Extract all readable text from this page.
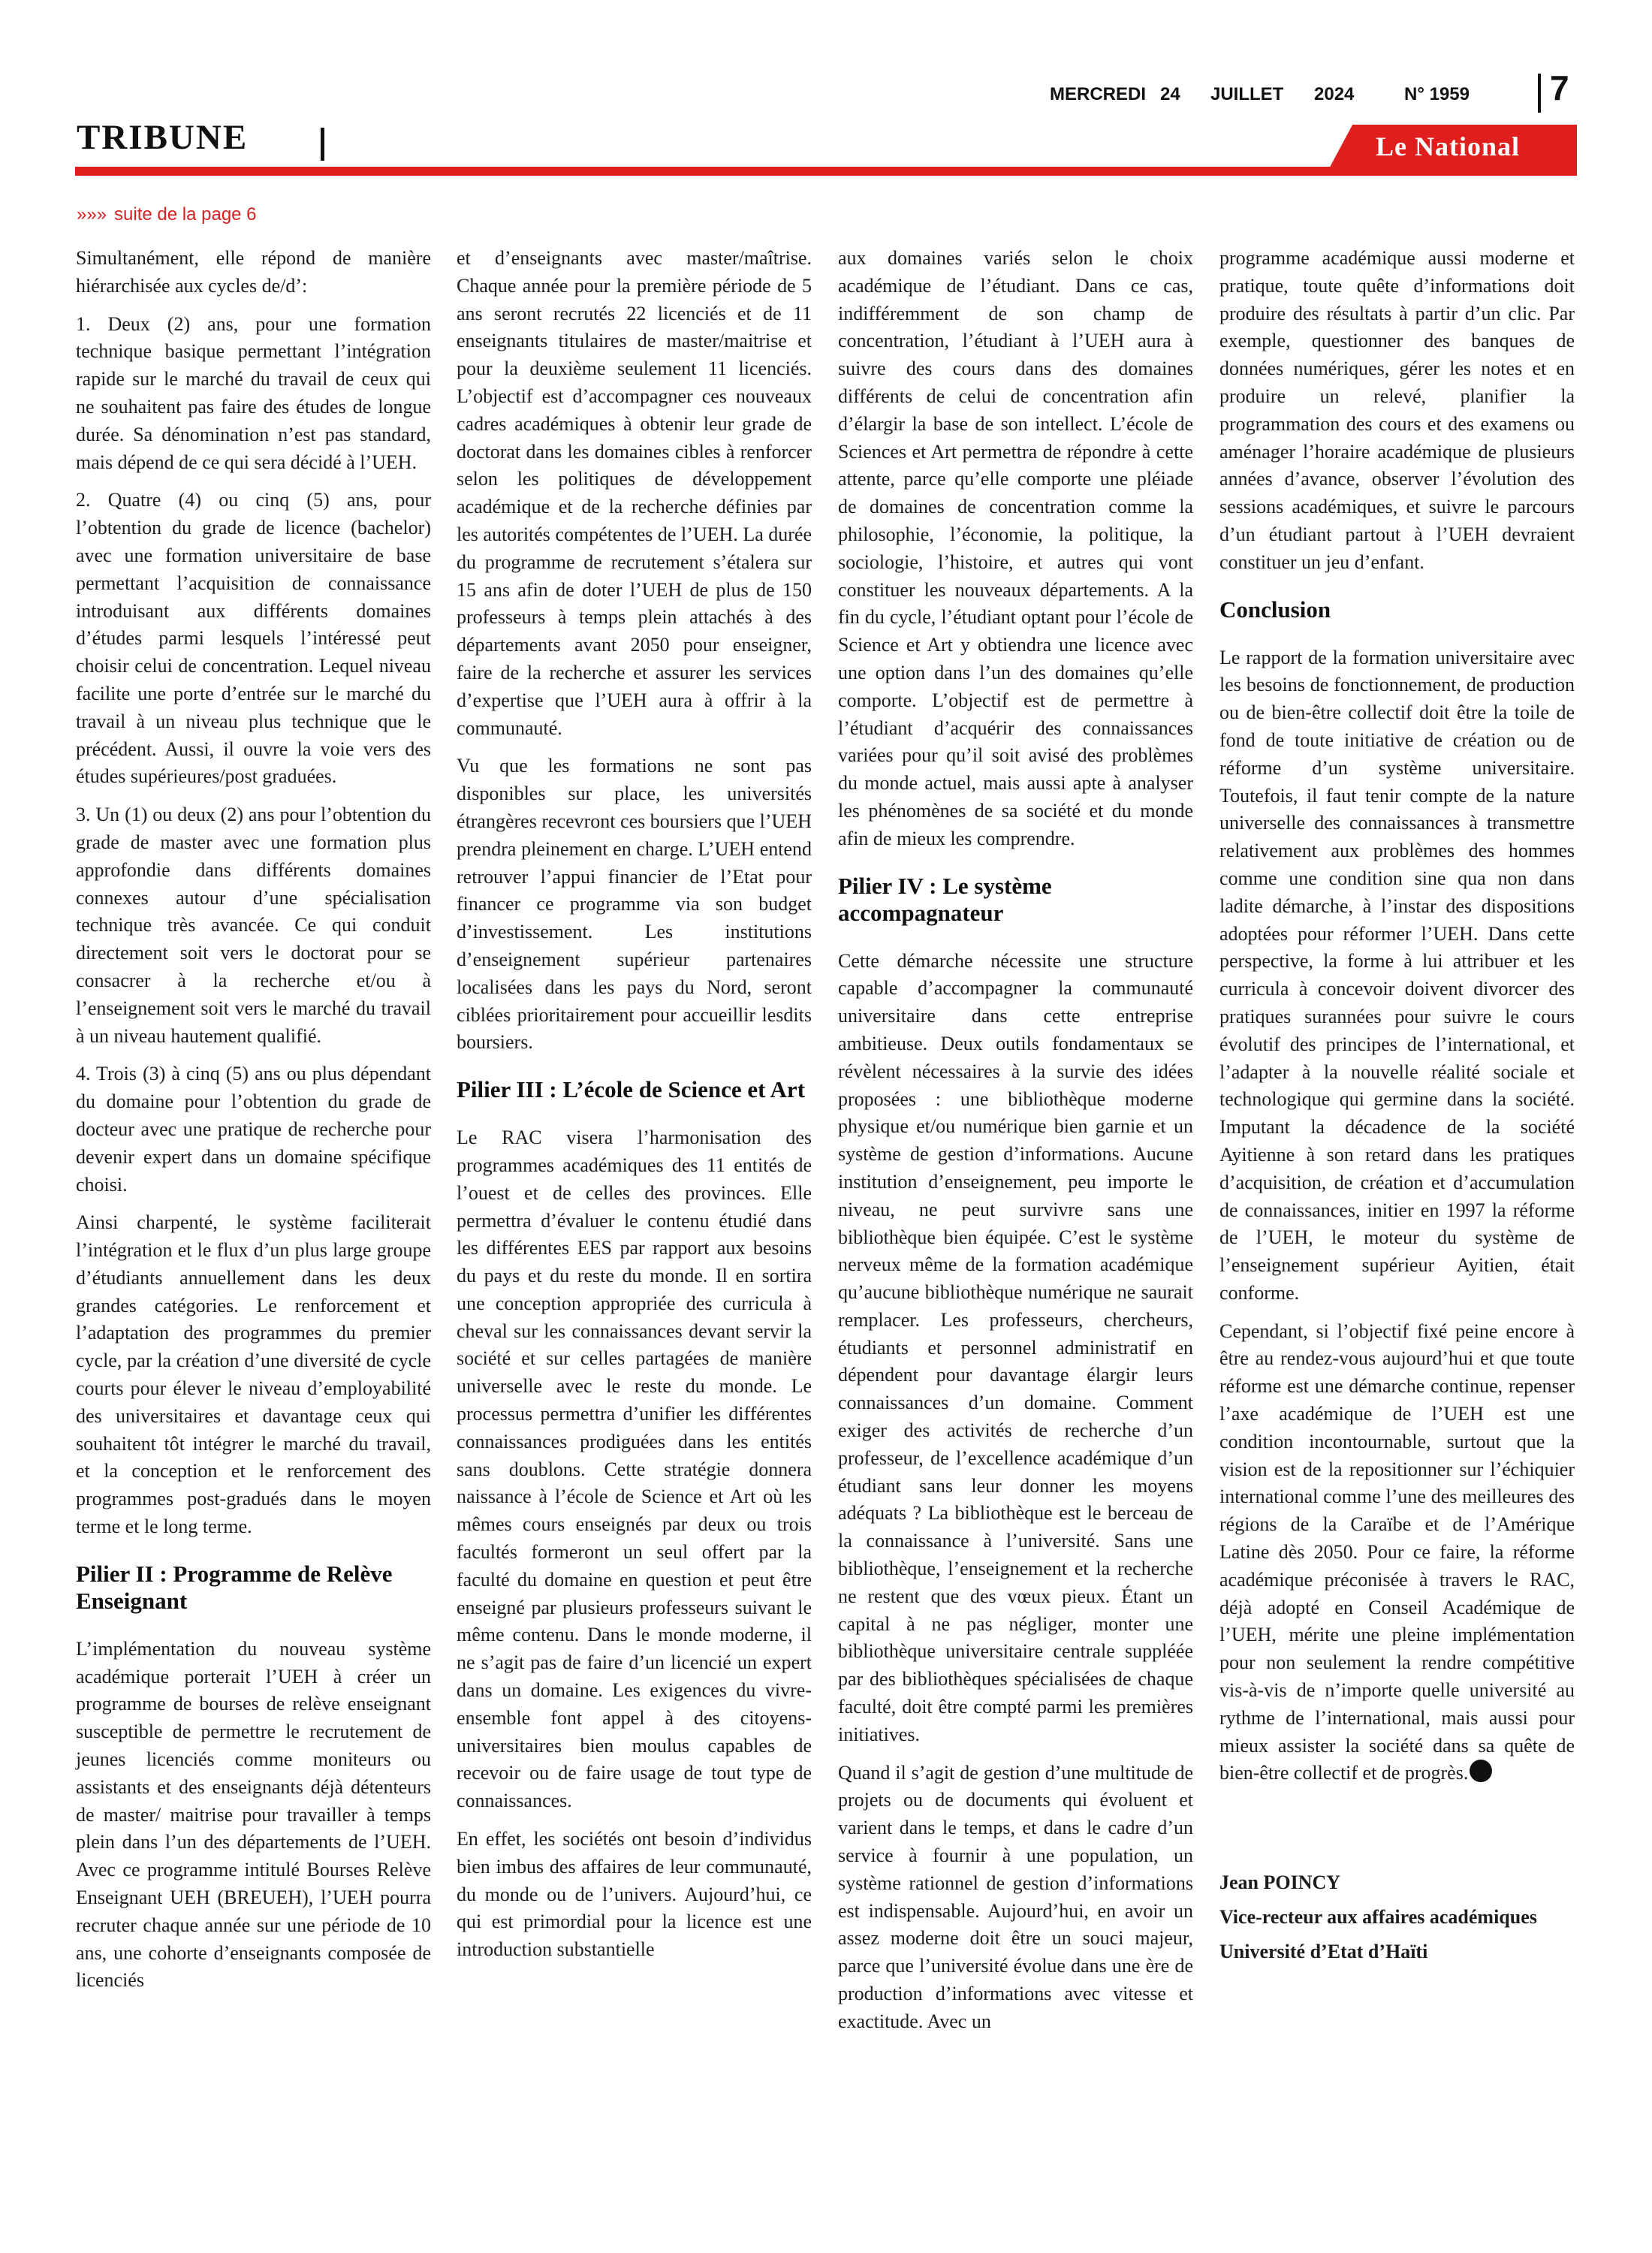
MERCREDI 24 JUILLET 2024	N° 1959 7
TRIBUNE	Le National
»»» suite de la page 6

Simultanément, elle répond de manière hiérarchisée aux cycles de/d’:

1. Deux (2) ans, pour une formation technique basique permettant l’intégration rapide sur le marché du travail de ceux qui ne souhaitent pas faire des études de longue durée. Sa dénomination n’est pas standard, mais dépend de ce qui sera décidé à l’UEH.

2. Quatre (4) ou cinq (5) ans, pour l’obtention du grade de licence (bachelor) avec une formation universitaire de base permettant l’acquisition de connaissance introduisant aux différents domaines d’études parmi lesquels l’intéressé peut choisir celui de concentration. Lequel niveau facilite une porte d’entrée sur le marché du travail à un niveau plus technique que le précédent. Aussi, il ouvre la voie vers des études supérieures/post graduées.

3. Un (1) ou deux (2) ans pour l’obtention du grade de master avec une formation plus approfondie dans différents domaines connexes autour d’une spécialisation technique très avancée. Ce qui conduit directement soit vers le doctorat pour se consacrer à la recherche et/ou à l’enseignement soit vers le marché du travail à un niveau hautement qualifié.

4. Trois (3) à cinq (5) ans ou plus dépendant du domaine pour l’obtention du grade de docteur avec une pratique de recherche pour devenir expert dans un domaine spécifique choisi.

Ainsi charpenté, le système faciliterait l’intégration et le flux d’un plus large groupe d’étudiants annuellement dans les deux grandes catégories. Le renforcement et l’adaptation des programmes du premier cycle, par la création d’une diversité de cycle courts pour élever le niveau d’employabilité des universitaires et davantage ceux qui souhaitent tôt intégrer le marché du travail, et la conception et le renforcement des programmes post-gradués dans le moyen terme et le long terme.

Pilier II : Programme de Relève Enseignant

L’implémentation du nouveau système académique porterait l’UEH à créer un programme de bourses de relève enseignant susceptible de permettre le recrutement de jeunes licenciés comme moniteurs ou assistants et des enseignants déjà détenteurs de master/ maitrise pour travailler à temps plein dans l’un des départements de l’UEH. Avec ce programme intitulé Bourses Relève Enseignant UEH (BREUEH), l’UEH pourra recruter chaque année sur une période de 10 ans, une cohorte d’enseignants composée de licenciés

et d’enseignants avec master/maîtrise. Chaque année pour la première période de 5 ans seront recrutés 22 licenciés et de 11 enseignants titulaires de master/maitrise et pour la deuxième seulement 11 licenciés. L’objectif est d’accompagner ces nouveaux cadres académiques à obtenir leur grade de doctorat dans les domaines cibles à renforcer selon les politiques de développement académique et de la recherche définies par les autorités compétentes de l’UEH. La durée du programme de recrutement s’étalera sur 15 ans afin de doter l’UEH de plus de 150 professeurs à temps plein attachés à des départements avant 2050 pour enseigner, faire de la recherche et assurer les services d’expertise que l’UEH aura à offrir à la communauté.

Vu que les formations ne sont pas disponibles sur place, les universités étrangères recevront ces boursiers que l’UEH prendra pleinement en charge. L’UEH entend retrouver l’appui financier de l’Etat pour financer ce programme via son budget d’investissement. Les institutions d’enseignement supérieur partenaires localisées dans les pays du Nord, seront ciblées prioritairement pour accueillir lesdits boursiers.

Pilier III : L’école de Science et Art

Le RAC visera l’harmonisation des programmes académiques des 11 entités de l’ouest et de celles des provinces. Elle permettra d’évaluer le contenu étudié dans les différentes EES par rapport aux besoins du pays et du reste du monde. Il en sortira une conception appropriée des curricula à cheval sur les connaissances devant servir la société et sur celles partagées de manière universelle avec le reste du monde. Le processus permettra d’unifier les différentes connaissances prodiguées dans les entités sans doublons. Cette stratégie donnera naissance à l’école de Science et Art où les mêmes cours enseignés par deux ou trois facultés formeront un seul offert par la faculté du domaine en question et peut être enseigné par plusieurs professeurs suivant le même contenu. Dans le monde moderne, il ne s’agit pas de faire d’un licencié un expert dans un domaine. Les exigences du vivre-ensemble font appel à des citoyens-universitaires bien moulus capables de recevoir ou de faire usage de tout type de connaissances.

En effet, les sociétés ont besoin d’individus bien imbus des affaires de leur communauté, du monde ou de l’univers. Aujourd’hui, ce qui est primordial pour la licence est une introduction substantielle

aux domaines variés selon le choix académique de l’étudiant. Dans ce cas, indifféremment de son champ de concentration, l’étudiant à l’UEH aura à suivre des cours dans des domaines différents de celui de concentration afin d’élargir la base de son intellect. L’école de Sciences et Art permettra de répondre à cette attente, parce qu’elle comporte une pléiade de domaines de concentration comme la philosophie, l’économie, la politique, la sociologie, l’histoire, et autres qui vont constituer les nouveaux départements. A la fin du cycle, l’étudiant optant pour l’école de Science et Art y obtiendra une licence avec une option dans l’un des domaines qu’elle comporte. L’objectif est de permettre à l’étudiant d’acquérir des connaissances variées pour qu’il soit avisé des problèmes du monde actuel, mais aussi apte à analyser les phénomènes de sa société et du monde afin de mieux les comprendre.

Pilier IV : Le système accompagnateur

Cette démarche nécessite une structure capable d’accompagner la communauté universitaire dans cette entreprise ambitieuse. Deux outils fondamentaux se révèlent nécessaires à la survie des idées proposées : une bibliothèque moderne physique et/ou numérique bien garnie et un système de gestion d’informations. Aucune institution d’enseignement, peu importe le niveau, ne peut survivre sans une bibliothèque bien équipée. C’est le système nerveux même de la formation académique qu’aucune bibliothèque numérique ne saurait remplacer. Les professeurs, chercheurs, étudiants et personnel administratif en dépendent pour davantage élargir leurs connaissances d’un domaine. Comment exiger des activités de recherche d’un professeur, de l’excellence académique d’un étudiant sans leur donner les moyens adéquats ? La bibliothèque est le berceau de la connaissance à l’université. Sans une bibliothèque, l’enseignement et la recherche ne restent que des vœux pieux. Étant un capital à ne pas négliger, monter une bibliothèque universitaire centrale suppléée par des bibliothèques spécialisées de chaque faculté, doit être compté parmi les premières initiatives.

Quand il s’agit de gestion d’une multitude de projets ou de documents qui évoluent et varient dans le temps, et dans le cadre d’un service à fournir à une population, un système rationnel de gestion d’informations est indispensable. Aujourd’hui, en avoir un assez moderne doit être un souci majeur, parce que l’université évolue dans une ère de production d’informations avec vitesse et exactitude. Avec un

programme académique aussi moderne et pratique, toute quête d’informations doit produire des résultats à partir d’un clic. Par exemple, questionner des banques de données numériques, gérer les notes et en produire un relevé, planifier la programmation des cours et des examens ou aménager l’horaire académique de plusieurs années d’avance, observer l’évolution des sessions académiques, et suivre le parcours d’un étudiant partout à l’UEH devraient constituer un jeu d’enfant.

Conclusion

Le rapport de la formation universitaire avec les besoins de fonctionnement, de production ou de bien-être collectif doit être la toile de fond de toute initiative de création ou de réforme d’un système universitaire. Toutefois, il faut tenir compte de la nature universelle des connaissances à transmettre relativement aux problèmes des hommes comme une condition sine qua non dans ladite démarche, à l’instar des dispositions adoptées pour réformer l’UEH. Dans cette perspective, la forme à lui attribuer et les curricula à concevoir doivent divorcer des pratiques surannées pour suivre le cours évolutif des principes de l’international, et l’adapter à la nouvelle réalité sociale et technologique qui germine dans la société. Imputant la décadence de la société Ayitienne à son retard dans les pratiques d’acquisition, de création et d’accumulation de connaissances, initier en 1997 la réforme de l’UEH, le moteur du système de l’enseignement supérieur Ayitien, était conforme.

Cependant, si l’objectif fixé peine encore à être au rendez-vous aujourd’hui et que toute réforme est une démarche continue, repenser l’axe académique de l’UEH est une condition incontournable, surtout que la vision est de la repositionner sur l’échiquier international comme l’une des meilleures des régions de la Caraïbe et de l’Amérique Latine dès 2050. Pour ce faire, la réforme académique préconisée à travers le RAC, déjà adopté en Conseil Académique de l’UEH, mérite une pleine implémentation pour non seulement la rendre compétitive vis-à-vis de n’importe quelle université au rythme de l’international, mais aussi pour mieux assister la société dans sa quête de bien-être collectif et de progrès.

Jean POINCY
Vice-recteur aux affaires académiques
Université d’Etat d’Haïti
